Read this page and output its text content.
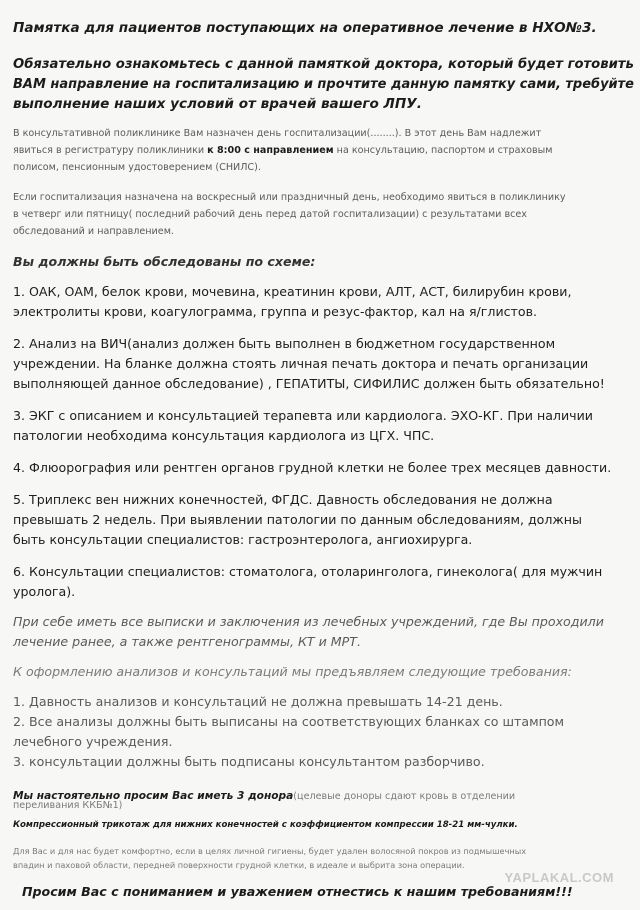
Памятка для пациентов поступающих на оперативное лечение в НХО№3.

Обязательно ознакомьтесь с данной памяткой доктора, который будет готовить

ВАМ направление на госпитализацию и прочтите данную памятку сами, требуйте

выполнение наших условий от врачей вашего ЛПУ.

В консультативной поликлинике Вам назначен день госпитализации(........). В этот день Вам надлежит

явиться в регистратуру поликлиники к 8:00 с направлением на консультацию, паспортом и страховым

полисом, пенсионным удостоверением (СНИЛС).

Если госпитализация назначена на воскресный или праздничный день, необходимо явиться в поликлинику

в четверг или пятницу( последний рабочий день перед датой госпитализации) с результатами всех

обследований и направлением.

Вы должны быть обследованы по схеме:

1. ОАК, ОАМ, белок крови, мочевина, креатинин крови, АЛТ, АСТ, билирубин крови,

электролиты крови, коагулограмма, группа и резус-фактор, кал на я/глистов.

2. Анализ на ВИЧ(анализ должен быть выполнен в бюджетном государственном

учреждении. На бланке должна стоять личная печать доктора и печать организации

выполняющей данное обследование) , ГЕПАТИТЫ, СИФИЛИС должен быть обязательно!

3. ЭКГ с описанием и консультацией терапевта или кардиолога. ЭХО-КГ. При наличии

патологии необходима консультация кардиолога из ЦГХ. ЧПС.

4. Флюорография или рентген органов грудной клетки не более трех месяцев давности.

5. Триплекс вен нижних конечностей, ФГДС. Давность обследования не должна

превышать 2 недель. При выявлении патологии по данным обследованиям, должны

быть консультации специалистов: гастроэнтеролога, ангиохирурга.

6. Консультации специалистов: стоматолога, отоларинголога, гинеколога( для мужчин

уролога).

При себе иметь все выписки и заключения из лечебных учреждений, где Вы проходили

лечение ранее, а также рентгенограммы, КТ и МРТ.

К оформлению анализов и консультаций мы предъявляем следующие требования:

1. Давность анализов и консультаций не должна превышать 14-21 день.

2. Все анализы должны быть выписаны на соответствующих бланках со штампом

лечебного учреждения.

3. консультации должны быть подписаны консультантом разборчиво.

Мы настоятельно просим Вас иметь 3 донора(целевые доноры сдают кровь в отделении

переливания ККБ№1)

Компрессионный трикотаж для нижних конечностей с коэффициентом компрессии 18-21 мм-чулки.

Для Вас и для нас будет комфортно, если в целях личной гигиены, будет удален волосяной покров из подмышечных

впадин и паховой области, передней поверхности грудной клетки, в идеале и выбрита зона операции.

Просим Вас с пониманием и уважением отнестись к нашим требованиям!!!

YAPLAKAL.COM
